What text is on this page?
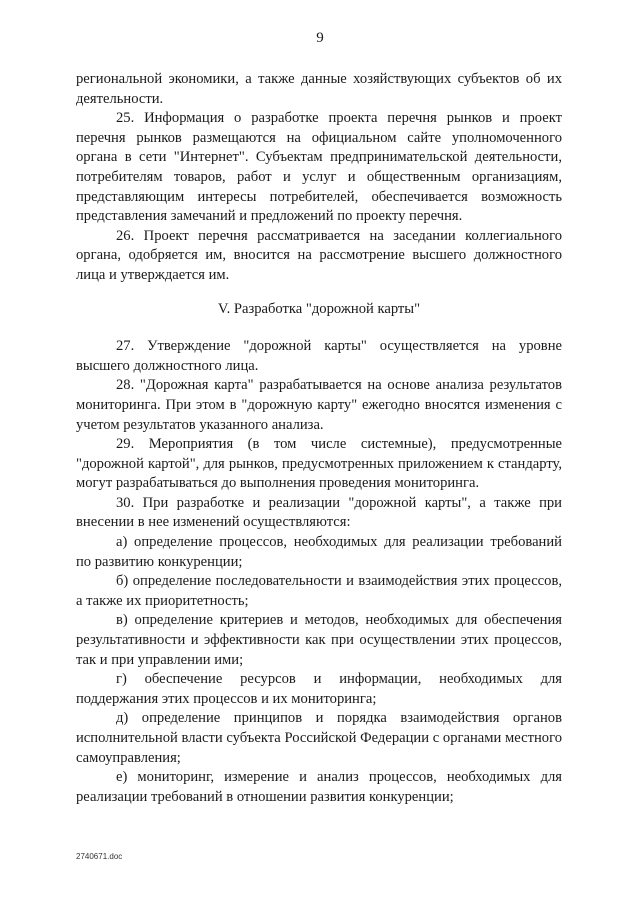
9

региональной экономики, а также данные хозяйствующих субъектов об их деятельности.

25. Информация о разработке проекта перечня рынков и проект перечня рынков размещаются на официальном сайте уполномоченного органа в сети "Интернет". Субъектам предпринимательской деятельности, потребителям товаров, работ и услуг и общественным организациям, представляющим интересы потребителей, обеспечивается возможность представления замечаний и предложений по проекту перечня.

26. Проект перечня рассматривается на заседании коллегиального органа, одобряется им, вносится на рассмотрение высшего должностного лица и утверждается им.

V. Разработка "дорожной карты"

27. Утверждение "дорожной карты" осуществляется на уровне высшего должностного лица.

28. "Дорожная карта" разрабатывается на основе анализа результатов мониторинга. При этом в "дорожную карту" ежегодно вносятся изменения с учетом результатов указанного анализа.

29. Мероприятия (в том числе системные), предусмотренные "дорожной картой", для рынков, предусмотренных приложением к стандарту, могут разрабатываться до выполнения проведения мониторинга.

30. При разработке и реализации "дорожной карты", а также при внесении в нее изменений осуществляются:

а) определение процессов, необходимых для реализации требований по развитию конкуренции;

б) определение последовательности и взаимодействия этих процессов, а также их приоритетность;

в) определение критериев и методов, необходимых для обеспечения результативности и эффективности как при осуществлении этих процессов, так и при управлении ими;

г) обеспечение ресурсов и информации, необходимых для поддержания этих процессов и их мониторинга;

д) определение принципов и порядка взаимодействия органов исполнительной власти субъекта Российской Федерации с органами местного самоуправления;

е) мониторинг, измерение и анализ процессов, необходимых для реализации требований в отношении развития конкуренции;

2740671.doc
